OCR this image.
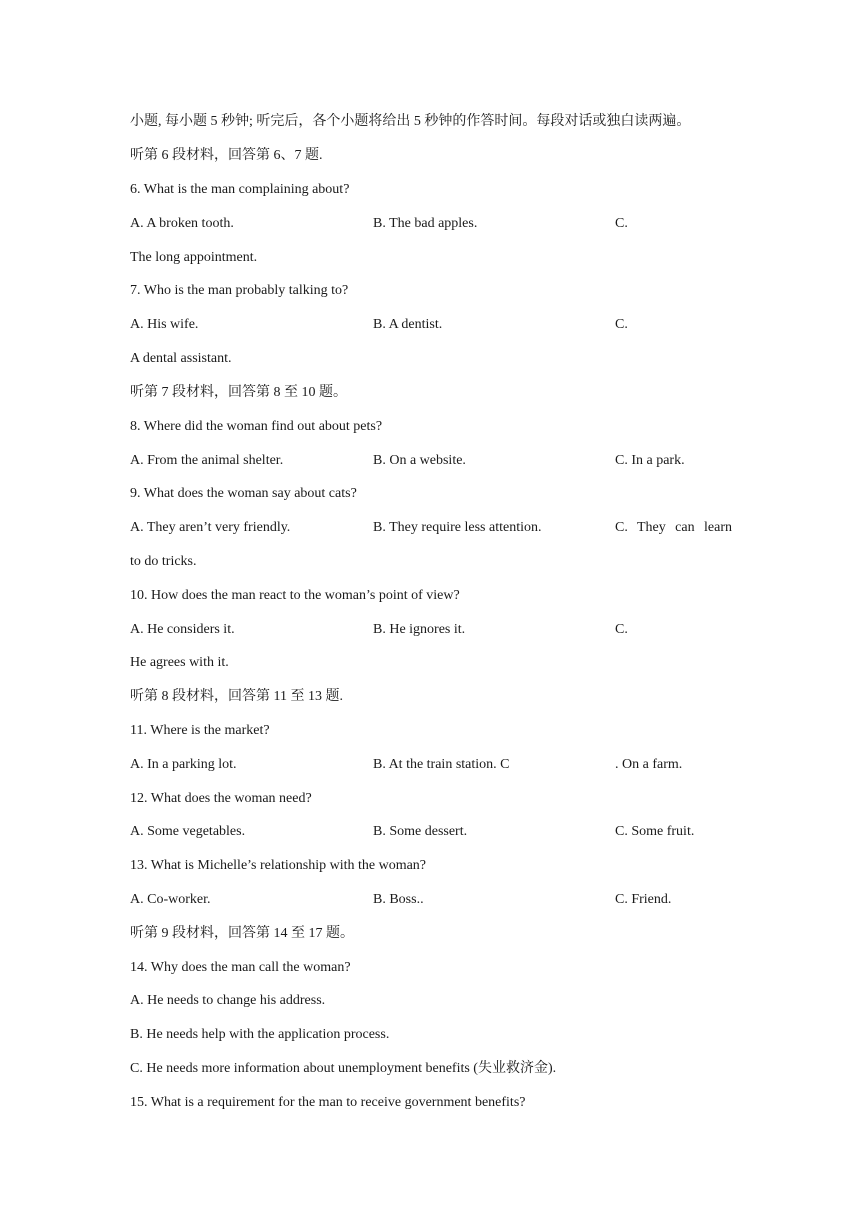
小题, 每小题 5 秒钟; 听完后，各个小题将给出 5 秒钟的作答时间。每段对话或独白读两遍。
听第 6 段材料，回答第 6、7 题.
6. What is the man complaining about?
A. A broken tooth.	B. The bad apples.	C.
The long appointment.
7. Who is the man probably talking to?
A. His wife.	B. A dentist.	C.
A dental assistant.
听第 7 段材料，回答第 8 至 10 题。
8. Where did the woman find out about pets?
A. From the animal shelter.	B. On a website.	C. In a park.
9. What does the woman say about cats?
A. They aren’t very friendly.	B. They require less attention.	C. They can learn
to do tricks.
10. How does the man react to the woman’s point of view?
A. He considers it.	B. He ignores it.	C.
He agrees with it.
听第 8 段材料，回答第 11 至 13 题.
11. Where is the market?
A. In a parking lot.	B. At the train station. C	. On a farm.
12. What does the woman need?
A. Some vegetables.	B. Some dessert.	C. Some fruit.
13. What is Michelle’s relationship with the woman?
A. Co-worker.	B. Boss..	C. Friend.
听第 9 段材料，回答第 14 至 17 题。
14. Why does the man call the woman?
A. He needs to change his address.
B. He needs help with the application process.
C. He needs more information about unemployment benefits (失业救济金).
15. What is a requirement for the man to receive government benefits?
